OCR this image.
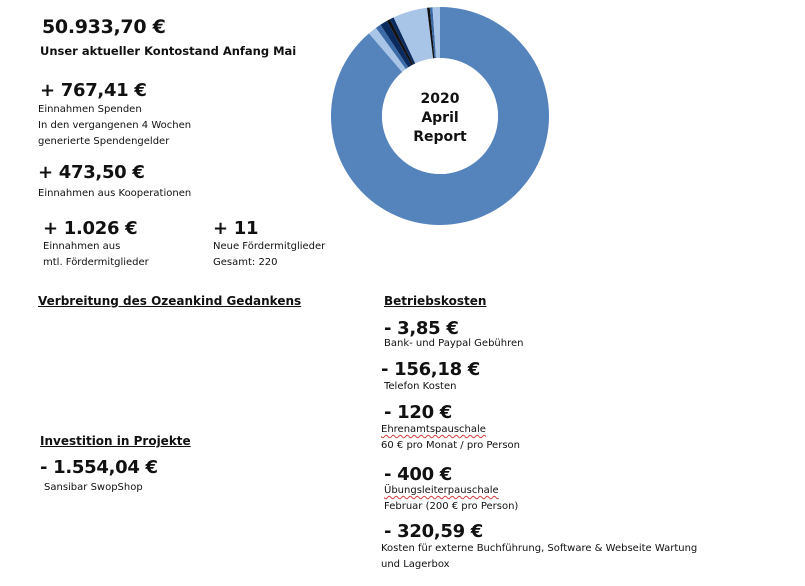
50.933,70 €
Unser aktueller Kontostand Anfang Mai
+ 767,41 €
Einnahmen Spenden
In den vergangenen 4 Wochen
generierte Spendengelder
+ 473,50 €
Einnahmen aus Kooperationen
+ 1.026 €
Einnahmen aus
mtl. Fördermitglieder
+ 11
Neue Fördermitglieder
Gesamt: 220
2020
April
Report
Verbreitung des Ozeankind Gedankens
Investition in Projekte
- 1.554,04 €
Sansibar SwopShop
Betriebskosten
- 3,85 €
Bank- und Paypal Gebühren
- 156,18 €
Telefon Kosten
- 120 €
Ehrenamtspauschale
60 € pro Monat / pro Person
- 400 €
Übungsleiterpauschale
Februar (200 € pro Person)
- 320,59 €
Kosten für externe Buchführung, Software & Webseite Wartung
und Lagerbox
